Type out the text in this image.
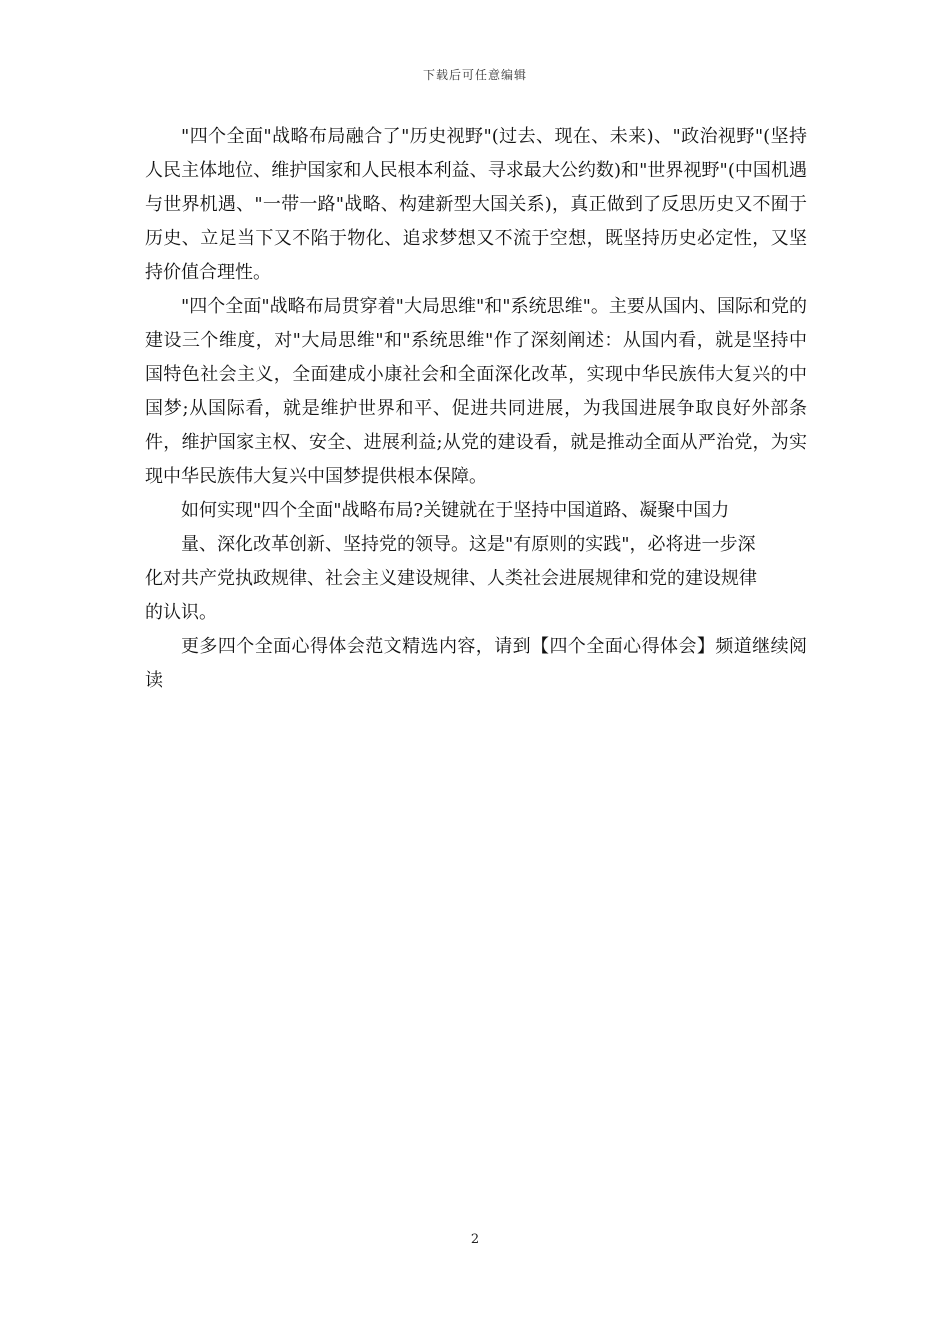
下载后可任意编辑

"四个全面"战略布局融合了"历史视野"(过去、现在、未来)、"政治视野"(坚持人民主体地位、维护国家和人民根本利益、寻求最大公约数)和"世界视野"(中国机遇与世界机遇、"一带一路"战略、构建新型大国关系)，真正做到了反思历史又不囿于历史、立足当下又不陷于物化、追求梦想又不流于空想，既坚持历史必定性，又坚持价值合理性。

"四个全面"战略布局贯穿着"大局思维"和"系统思维"。主要从国内、国际和党的建设三个维度，对"大局思维"和"系统思维"作了深刻阐述：从国内看，就是坚持中国特色社会主义，全面建成小康社会和全面深化改革，实现中华民族伟大复兴的中国梦;从国际看，就是维护世界和平、促进共同进展，为我国进展争取良好外部条件，维护国家主权、安全、进展利益;从党的建设看，就是推动全面从严治党，为实现中华民族伟大复兴中国梦提供根本保障。

如何实现"四个全面"战略布局?关键就在于坚持中国道路、凝聚中国力
量、深化改革创新、坚持党的领导。这是"有原则的实践"，必将进一步深
化对共产党执政规律、社会主义建设规律、人类社会进展规律和党的建设规律
的认识。

更多四个全面心得体会范文精选内容，请到【四个全面心得体会】频道继续阅读

2
